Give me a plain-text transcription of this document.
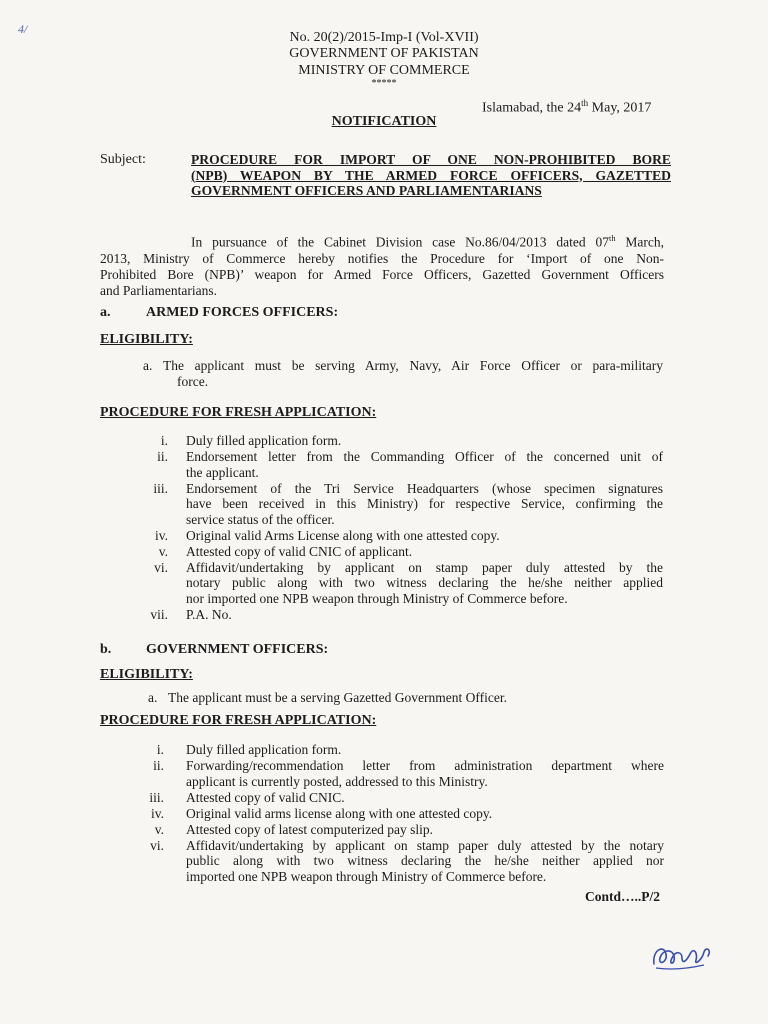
4/
No. 20(2)/2015-Imp-I (Vol-XVII)
GOVERNMENT OF PAKISTAN
MINISTRY OF COMMERCE
*****
Islamabad, the 24th May, 2017
NOTIFICATION
Subject:	PROCEDURE FOR IMPORT OF ONE NON-PROHIBITED BORE
(NPB) WEAPON BY THE ARMED FORCE OFFICERS, GAZETTED
GOVERNMENT OFFICERS AND PARLIAMENTARIANS
In pursuance of the Cabinet Division case No.86/04/2013 dated 07th March,
2013, Ministry of Commerce hereby notifies the Procedure for ‘Import of one Non-
Prohibited Bore (NPB)’ weapon for Armed Force Officers, Gazetted Government Officers
and Parliamentarians.
a.	ARMED FORCES OFFICERS:
ELIGIBILITY:
a. The applicant must be serving Army, Navy, Air Force Officer or para-military
force.
PROCEDURE FOR FRESH APPLICATION:
i. Duly filled application form.
ii. Endorsement letter from the Commanding Officer of the concerned unit of
the applicant.
iii. Endorsement of the Tri Service Headquarters (whose specimen signatures
have been received in this Ministry) for respective Service, confirming the
service status of the officer.
iv. Original valid Arms License along with one attested copy.
v. Attested copy of valid CNIC of applicant.
vi. Affidavit/undertaking by applicant on stamp paper duly attested by the
notary public along with two witness declaring the he/she neither applied
nor imported one NPB weapon through Ministry of Commerce before.
vii. P.A. No.
b. GOVERNMENT OFFICERS:
ELIGIBILITY:
a. The applicant must be a serving Gazetted Government Officer.
PROCEDURE FOR FRESH APPLICATION:
i. Duly filled application form.
ii. Forwarding/recommendation letter from administration department where
applicant is currently posted, addressed to this Ministry.
iii. Attested copy of valid CNIC.
iv. Original valid arms license along with one attested copy.
v. Attested copy of latest computerized pay slip.
vi. Affidavit/undertaking by applicant on stamp paper duly attested by the notary
public along with two witness declaring the he/she neither applied nor
imported one NPB weapon through Ministry of Commerce before.
Contd…..P/2
